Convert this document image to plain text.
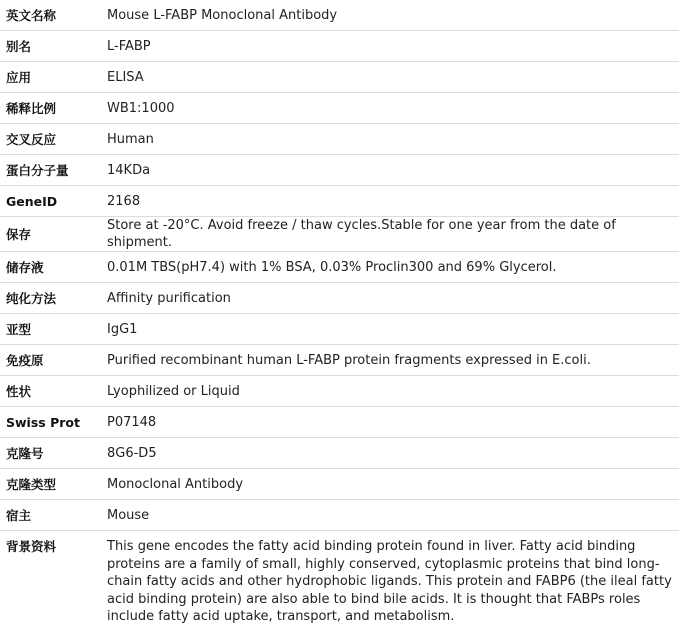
英文名称	Mouse L-FABP Monoclonal Antibody
别名	L-FABP
应用	ELISA
稀释比例	WB1:1000
交叉反应	Human
蛋白分子量	14KDa
GeneID	2168
保存	Store at -20°C. Avoid freeze / thaw cycles.Stable for one year from the date of shipment.
储存液	0.01M TBS(pH7.4) with 1% BSA, 0.03% Proclin300 and 69% Glycerol.
纯化方法	Affinity purification
亚型	IgG1
免疫原	Purified recombinant human L-FABP protein fragments expressed in E.coli.
性状	Lyophilized or Liquid
Swiss Prot	P07148
克隆号	8G6-D5
克隆类型	Monoclonal Antibody
宿主	Mouse
背景资料	This gene encodes the fatty acid binding protein found in liver. Fatty acid binding proteins are a family of small, highly conserved, cytoplasmic proteins that bind long-chain fatty acids and other hydrophobic ligands. This protein and FABP6 (the ileal fatty acid binding protein) are also able to bind bile acids. It is thought that FABPs roles include fatty acid uptake, transport, and metabolism.
